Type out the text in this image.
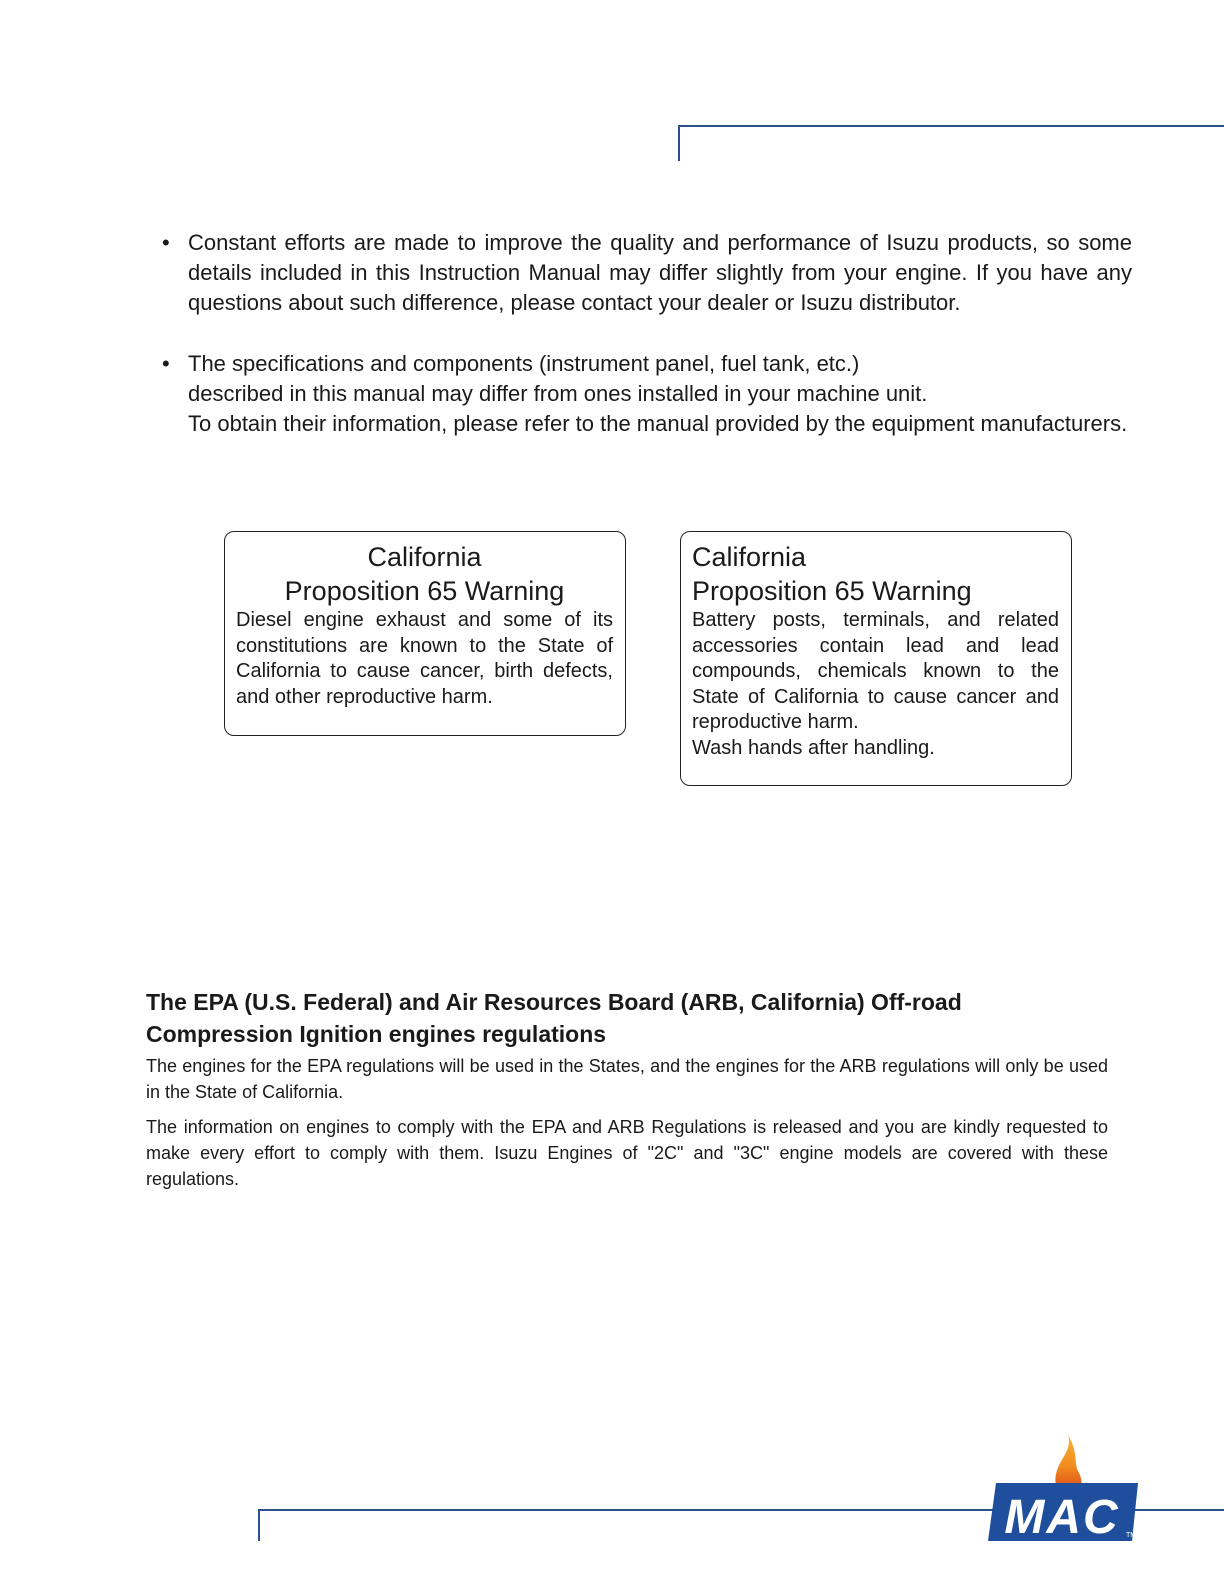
• Constant efforts are made to improve the quality and performance of Isuzu products, so some details included in this Instruction Manual may differ slightly from your engine. If you have any questions about such difference, please contact your dealer or Isuzu distributor.
• The specifications and components (instrument panel, fuel tank, etc.)
described in this manual may differ from ones installed in your machine unit.
To obtain their information, please refer to the manual provided by the equipment manufacturers.
California
Proposition 65 Warning
Diesel engine exhaust and some of its constitutions are known to the State of California to cause cancer, birth defects, and other reproductive harm.
California
Proposition 65 Warning
Battery posts, terminals, and related accessories contain lead and lead compounds, chemicals known to the State of California to cause cancer and reproductive harm.
Wash hands after handling.

The EPA (U.S. Federal) and Air Resources Board (ARB, California) Off-road Compression Ignition engines regulations

The engines for the EPA regulations will be used in the States, and the engines for the ARB regulations will only be used in the State of California.

The information on engines to comply with the EPA and ARB Regulations is released and you are kindly requested to make every effort to comply with them. Isuzu Engines of "2C" and "3C" engine models are covered with these regulations.

MAC TM
